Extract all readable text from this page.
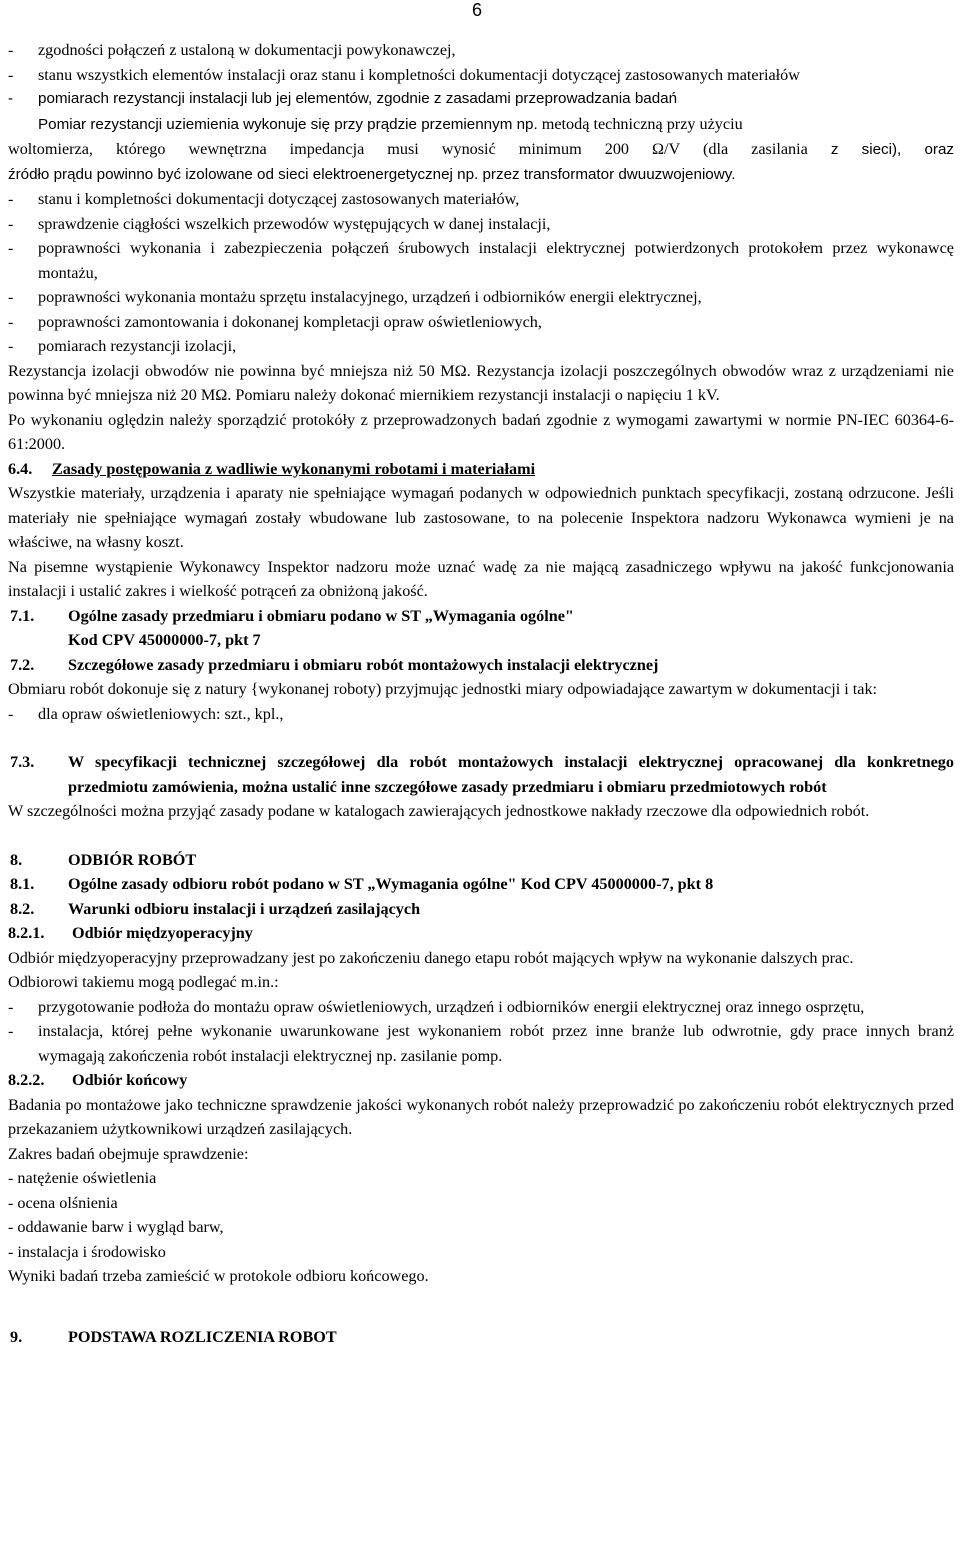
6
-	zgodności połączeń z ustaloną w dokumentacji powykonawczej,
-	stanu wszystkich elementów instalacji oraz stanu i kompletności dokumentacji dotyczącej zastosowanych materiałów
-	pomiarach rezystancji instalacji lub jej elementów, zgodnie z zasadami przeprowadzania badań
Pomiar rezystancji uziemienia wykonuje się przy prądzie przemiennym np. metodą techniczną przy użyciu
woltomierza, którego wewnętrzna impedancja musi wynosić minimum 200 Ω/V (dla zasilania z sieci), oraz
źródło prądu powinno być izolowane od sieci elektroenergetycznej np. przez transformator dwuuzwojeniowy.
-	stanu i kompletności dokumentacji dotyczącej zastosowanych materiałów,
-	sprawdzenie ciągłości wszelkich przewodów występujących w danej instalacji,
-	poprawności wykonania i zabezpieczenia połączeń śrubowych instalacji elektrycznej potwierdzonych protokołem przez wykonawcę montażu,
-	poprawności wykonania montażu sprzętu instalacyjnego, urządzeń i odbiorników energii elektrycznej,
-	poprawności zamontowania i dokonanej kompletacji opraw oświetleniowych,
-	pomiarach rezystancji izolacji,
Rezystancja izolacji obwodów nie powinna być mniejsza niż 50 MΩ. Rezystancja izolacji poszczególnych obwodów wraz z urządzeniami nie powinna być mniejsza niż 20 MΩ. Pomiaru należy dokonać miernikiem rezystancji instalacji o napięciu 1 kV.
Po wykonaniu oględzin należy sporządzić protokóły z przeprowadzonych badań zgodnie z wymogami zawartymi w normie PN-IEC 60364-6-61:2000.
6.4.	Zasady postępowania z wadliwie wykonanymi robotami i materiałami
Wszystkie materiały, urządzenia i aparaty nie spełniające wymagań podanych w odpowiednich punktach specyfikacji, zostaną odrzucone. Jeśli materiały nie spełniające wymagań zostały wbudowane lub zastosowane, to na polecenie Inspektora nadzoru Wykonawca wymieni je na właściwe, na własny koszt.
Na pisemne wystąpienie Wykonawcy Inspektor nadzoru może uznać wadę za nie mającą zasadniczego wpływu na jakość funkcjonowania instalacji i ustalić zakres i wielkość potrąceń za obniżoną jakość.
7.1.	Ogólne zasady przedmiaru i obmiaru podano w ST „Wymagania ogólne"
Kod CPV 45000000-7, pkt 7
7.2.	Szczegółowe zasady przedmiaru i obmiaru robót montażowych instalacji elektrycznej
Obmiaru robót dokonuje się z natury {wykonanej roboty) przyjmując jednostki miary odpowiadające zawartym w dokumentacji i tak:
-	dla opraw oświetleniowych: szt., kpl.,
7.3.	W specyfikacji technicznej szczegółowej dla robót montażowych instalacji elektrycznej opracowanej dla konkretnego przedmiotu zamówienia, można ustalić inne szczegółowe zasady przedmiaru i obmiaru przedmiotowych robót
W szczególności można przyjąć zasady podane w katalogach zawierających jednostkowe nakłady rzeczowe dla odpowiednich robót.
8.	ODBIÓR ROBÓT
8.1.	Ogólne zasady odbioru robót podano w ST „Wymagania ogólne" Kod CPV 45000000-7, pkt 8
8.2.	Warunki odbioru instalacji i urządzeń zasilających
8.2.1.	Odbiór międzyoperacyjny
Odbiór międzyoperacyjny przeprowadzany jest po zakończeniu danego etapu robót mających wpływ na wykonanie dalszych prac.
Odbiorowi takiemu mogą podlegać m.in.:
-	przygotowanie podłoża do montażu opraw oświetleniowych, urządzeń i odbiorników energii elektrycznej oraz innego osprzętu,
-	instalacja, której pełne wykonanie uwarunkowane jest wykonaniem robót przez inne branże lub odwrotnie, gdy prace innych branż wymagają zakończenia robót instalacji elektrycznej np. zasilanie pomp.
8.2.2.	Odbiór końcowy
Badania po montażowe jako techniczne sprawdzenie jakości wykonanych robót należy przeprowadzić po zakończeniu robót elektrycznych przed przekazaniem użytkownikowi urządzeń zasilających.
Zakres badań obejmuje sprawdzenie:
- natężenie oświetlenia
- ocena olśnienia
- oddawanie barw i wygląd barw,
- instalacja i środowisko
Wyniki badań trzeba zamieścić w protokole odbioru końcowego.
9.	PODSTAWA ROZLICZENIA ROBOT
